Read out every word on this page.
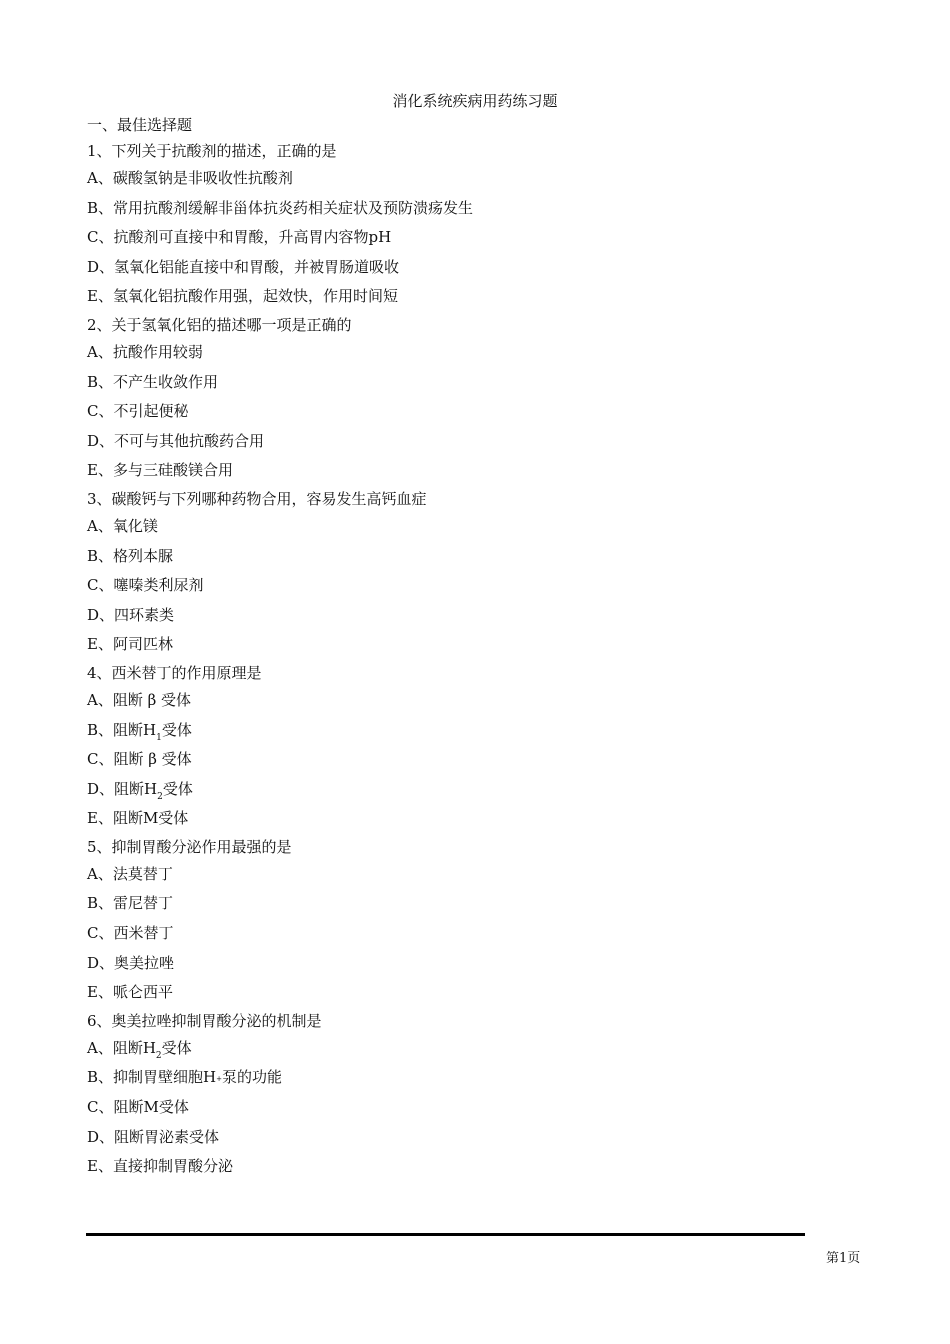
消化系统疾病用药练习题
一、最佳选择题
1、下列关于抗酸剂的描述，正确的是
A、碳酸氢钠是非吸收性抗酸剂
B、常用抗酸剂缓解非甾体抗炎药相关症状及预防溃疡发生
C、抗酸剂可直接中和胃酸，升高胃内容物pH
D、氢氧化铝能直接中和胃酸，并被胃肠道吸收
E、氢氧化铝抗酸作用强，起效快，作用时间短
2、关于氢氧化铝的描述哪一项是正确的
A、抗酸作用较弱
B、不产生收敛作用
C、不引起便秘
D、不可与其他抗酸药合用
E、多与三硅酸镁合用
3、碳酸钙与下列哪种药物合用，容易发生高钙血症
A、氧化镁
B、格列本脲
C、噻嗪类利尿剂
D、四环素类
E、阿司匹林
4、西米替丁的作用原理是
A、阻断 β 受体
B、阻断$H_1$受体
C、阻断 β 受体
D、阻断$H_2$受体
E、阻断M受体
5、抑制胃酸分泌作用最强的是
A、法莫替丁
B、雷尼替丁
C、西米替丁
D、奥美拉唑
E、哌仑西平
6、奥美拉唑抑制胃酸分泌的机制是
A、阻断$H_2$受体
B、抑制胃壁细胞H+泵的功能
C、阻断M受体
D、阻断胃泌素受体
E、直接抑制胃酸分泌
第1页
